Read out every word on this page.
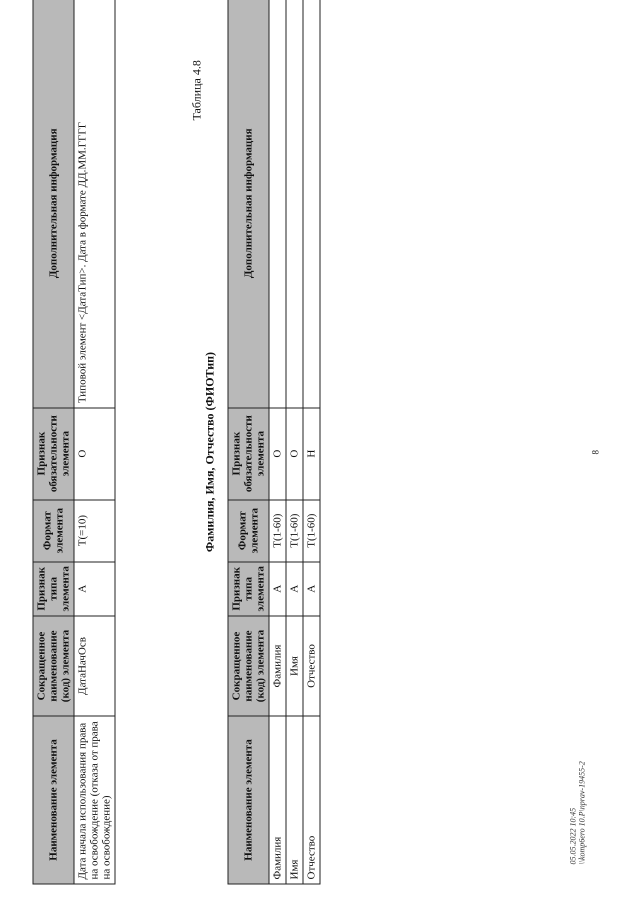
8
Наименование элемента	Сокращенное наименование (код) элемента	Признак типа элемента	Формат элемента	Признак обязательности элемента	Дополнительная информация
Дата начала использования права на освобождение (отказа от права на освобождение)	ДатаНачОсв	А	T(=10)	О	Типовой элемент <ДатаТип>. Дата в формате ДД.ММ.ГГГГ
Таблица 4.8
Фамилия, Имя, Отчество (ФИОТип)
Наименование элемента	Сокращенное наименование (код) элемента	Признак типа элемента	Формат элемента	Признак обязательности элемента	Дополнительная информация
Фамилия	Фамилия	А	T(1-60)	О	
Имя	Имя	А	T(1-60)	О	
Отчество	Отчество	А	T(1-60)	Н	
05.05.2022 10:45 \\komp6ero 10.P\nprav-19455-2
